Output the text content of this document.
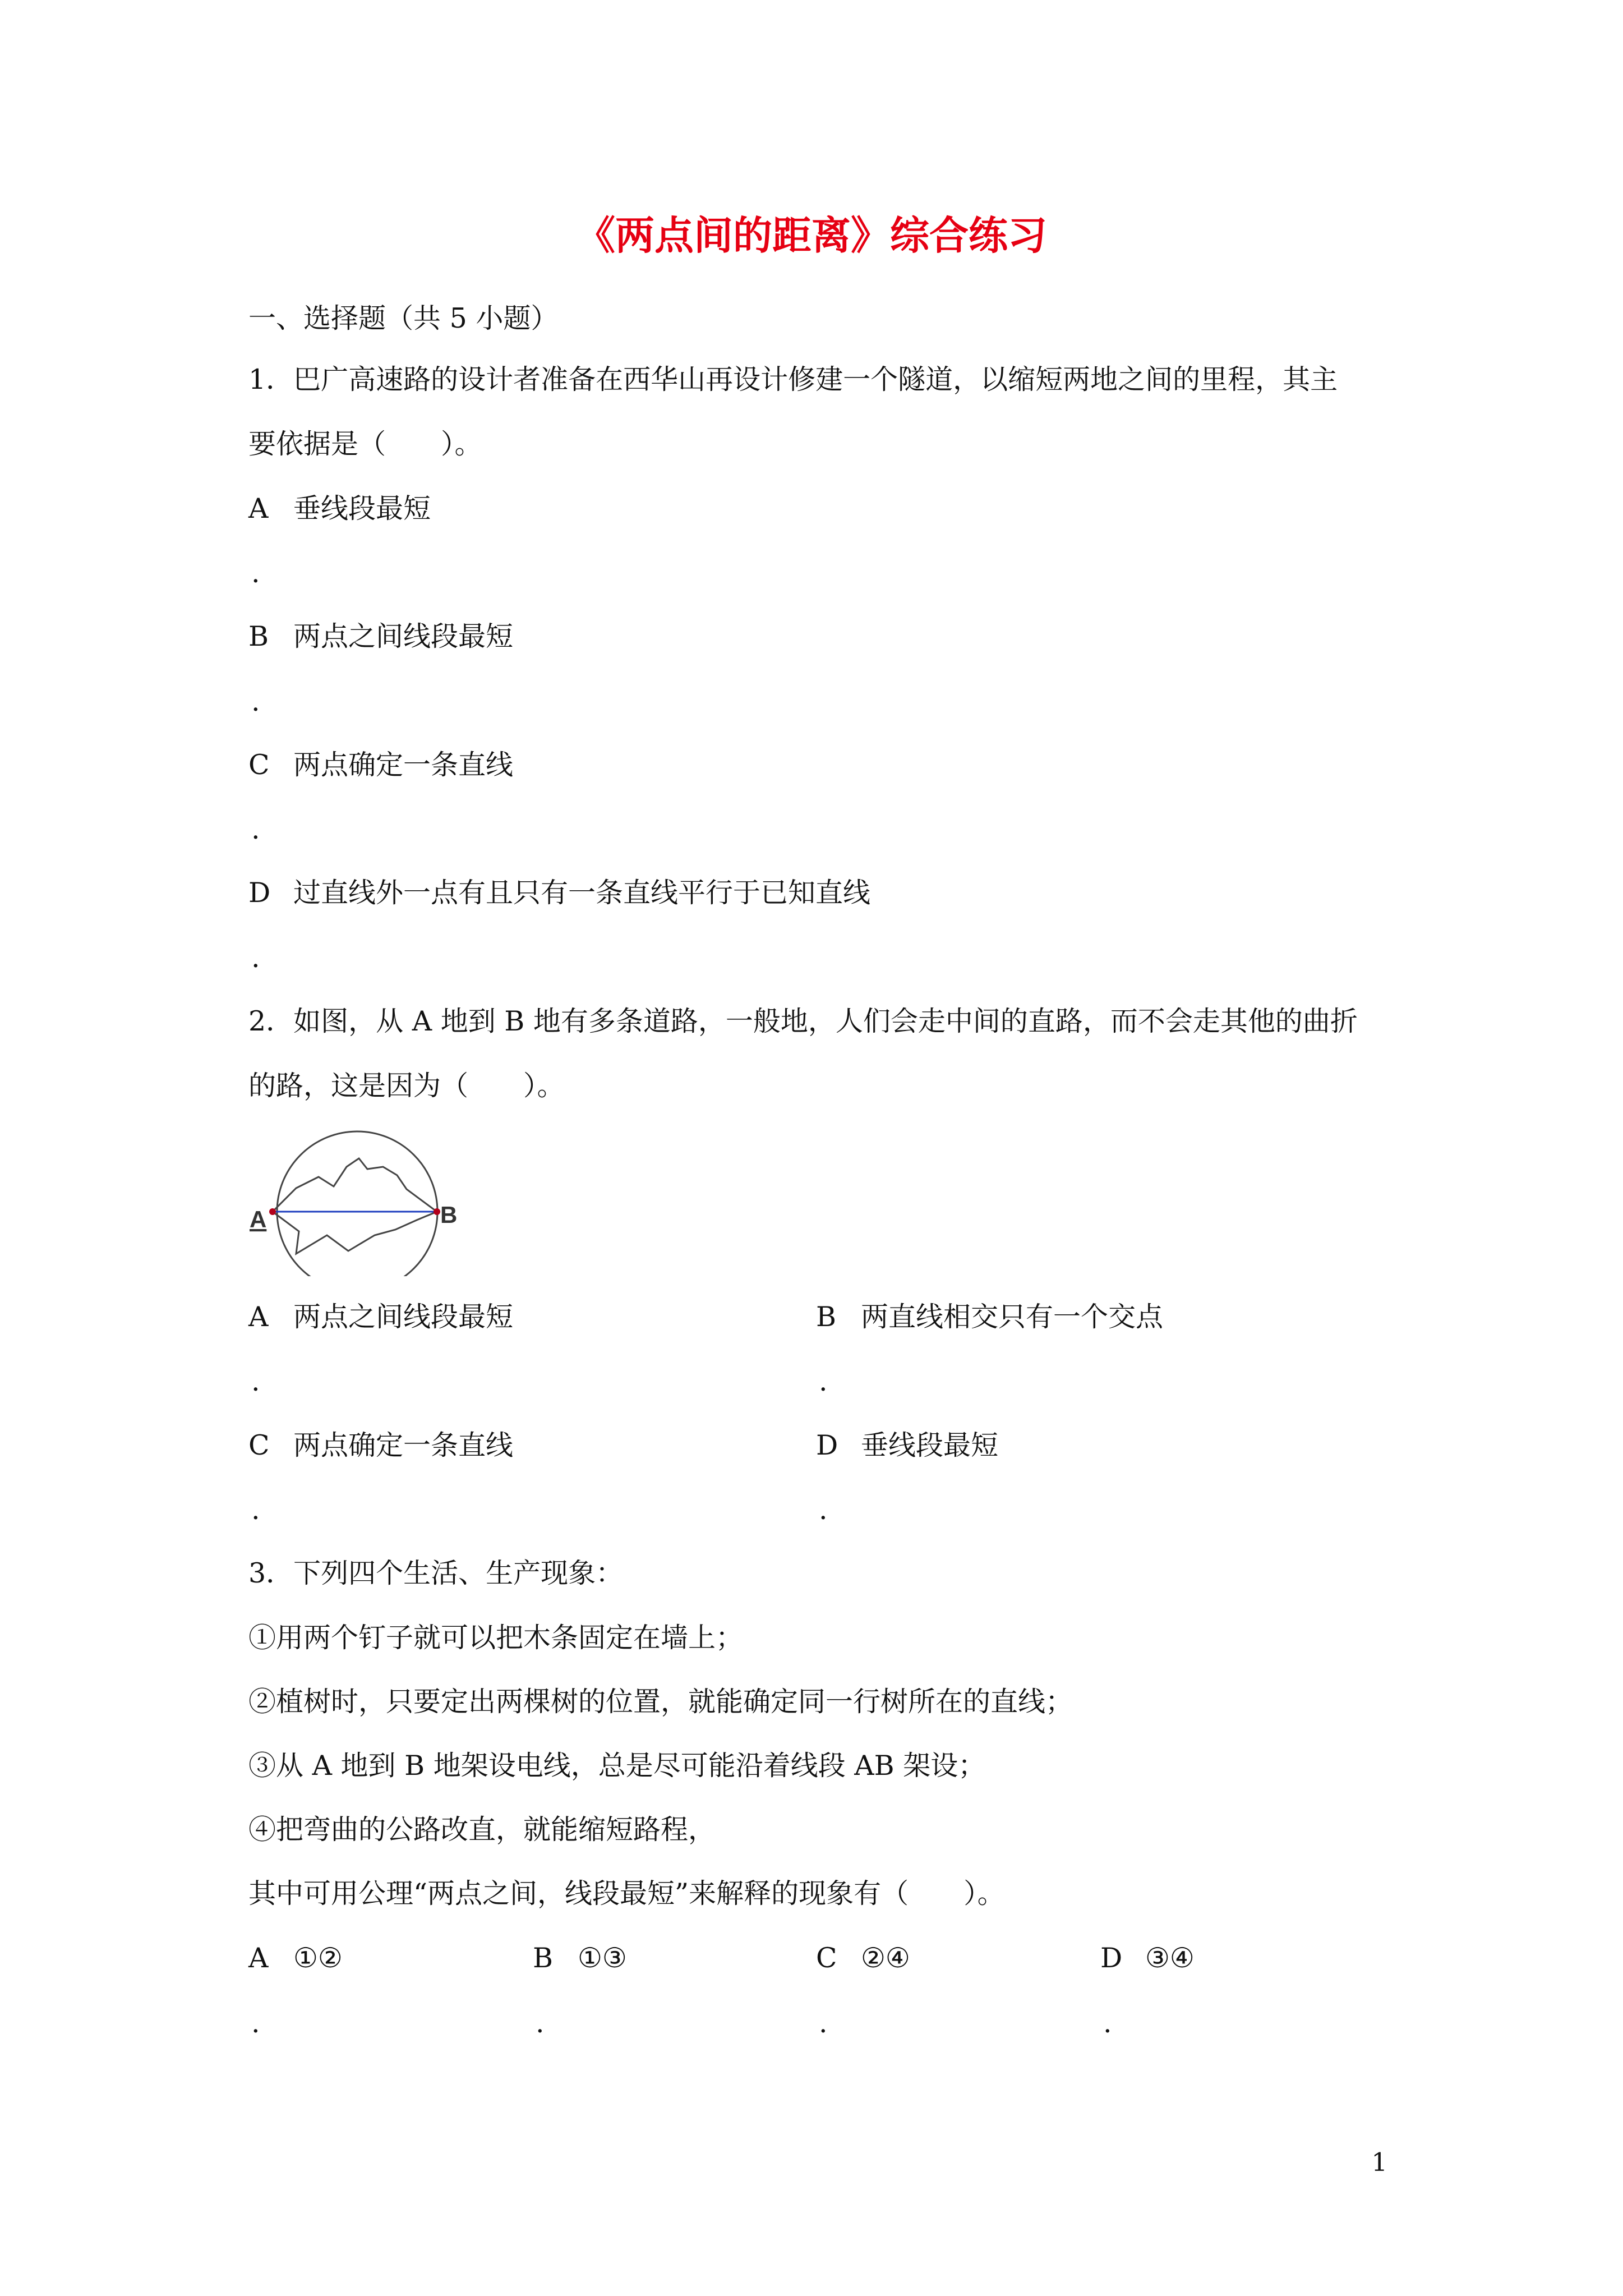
《两点间的距离》综合练习
一、选择题（共 5 小题）
1．巴广高速路的设计者准备在西华山再设计修建一个隧道，以缩短两地之间的里程，其主
要依据是（　　）。
A 垂线段最短
.
B 两点之间线段最短
.
C 两点确定一条直线
.
D 过直线外一点有且只有一条直线平行于已知直线
.
2．如图，从 A 地到 B 地有多条道路，一般地，人们会走中间的直路，而不会走其他的曲折
的路，这是因为（　　）。
A	B
A 两点之间线段最短
.
B 两直线相交只有一个交点
.
C 两点确定一条直线
.
D 垂线段最短
.
3．下列四个生活、生产现象：
①用两个钉子就可以把木条固定在墙上；
②植树时，只要定出两棵树的位置，就能确定同一行树所在的直线；
③从 A 地到 B 地架设电线，总是尽可能沿着线段 AB 架设；
④把弯曲的公路改直，就能缩短路程，
其中可用公理“两点之间，线段最短”来解释的现象有（　　）。
A ①②
.
B ①③
.
C ②④
.
D ③④
.
1
